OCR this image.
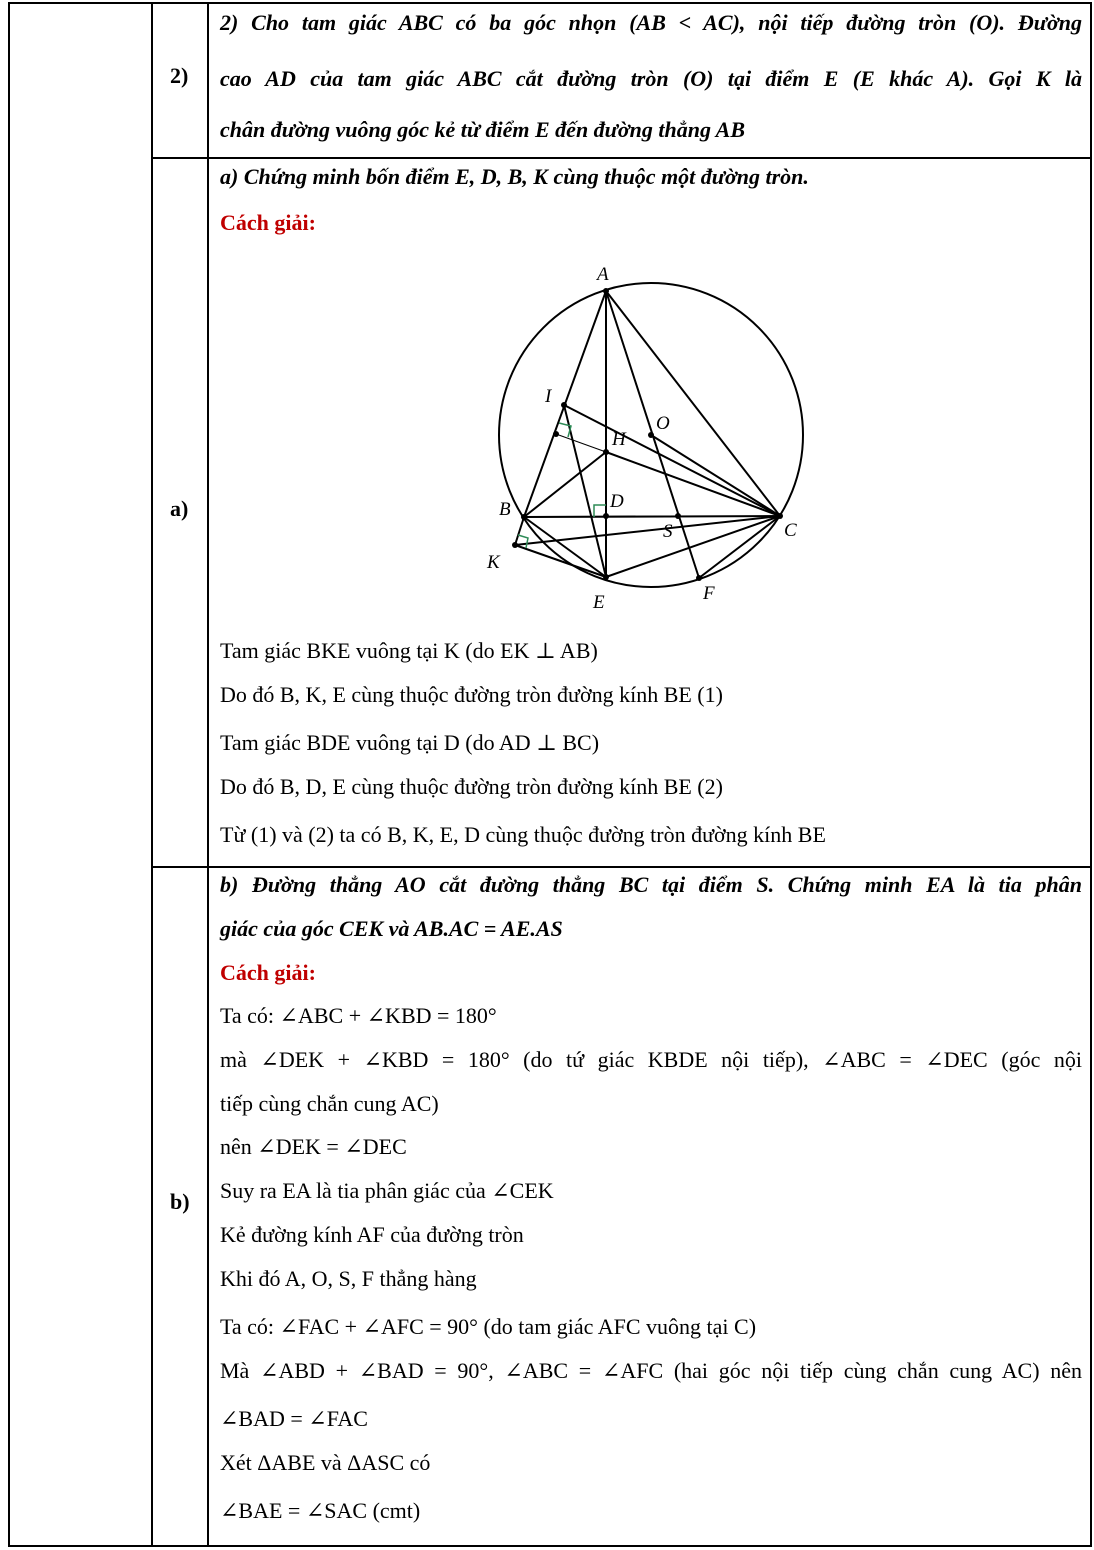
2)
a)
b)
2) Cho tam giác ABC có ba góc nhọn (AB < AC), nội tiếp đường tròn (O). Đường
cao AD của tam giác ABC cắt đường tròn (O) tại điểm E (E khác A). Gọi K là
chân đường vuông góc kẻ từ điểm E đến đường thẳng AB
a) Chứng minh bốn điểm E, D, B, K cùng thuộc một đường tròn.
Cách giải:
A
B
C
D
E	F
H
I
K
O
S
Tam giác BKE vuông tại K (do EK ⊥ AB)
Do đó B, K, E cùng thuộc đường tròn đường kính BE (1)
Tam giác BDE vuông tại D (do AD ⊥ BC)
Do đó B, D, E cùng thuộc đường tròn đường kính BE (2)
Từ (1) và (2) ta có B, K, E, D cùng thuộc đường tròn đường kính BE
b) Đường thẳng AO cắt đường thẳng BC tại điểm S. Chứng minh EA là tia phân
giác của góc CEK và AB.AC = AE.AS
Cách giải:
Ta có: ∠ABC + ∠KBD = 180°
mà ∠DEK + ∠KBD = 180° (do tứ giác KBDE nội tiếp), ∠ABC = ∠DEC (góc nội
tiếp cùng chắn cung AC)
nên ∠DEK = ∠DEC
Suy ra EA là tia phân giác của ∠CEK
Kẻ đường kính AF của đường tròn
Khi đó A, O, S, F thẳng hàng
Ta có: ∠FAC + ∠AFC = 90° (do tam giác AFC vuông tại C)
Mà ∠ABD + ∠BAD = 90°, ∠ABC = ∠AFC (hai góc nội tiếp cùng chắn cung AC) nên
∠BAD = ∠FAC
Xét ΔABE và ΔASC có
∠BAE = ∠SAC (cmt)
